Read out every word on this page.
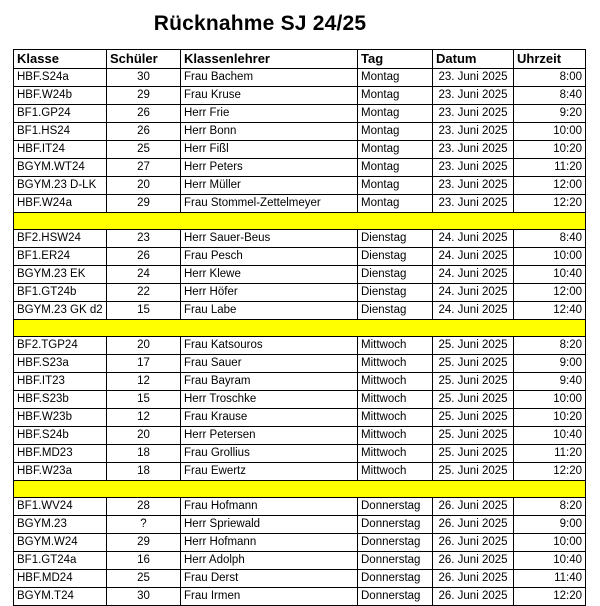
Rücknahme SJ 24/25
Klasse	Schüler	Klassenlehrer	Tag	Datum	Uhrzeit
HBF.S24a	30	Frau Bachem	Montag	23. Juni 2025	8:00
HBF.W24b	29	Frau Kruse	Montag	23. Juni 2025	8:40
BF1.GP24	26	Herr Frie	Montag	23. Juni 2025	9:20
BF1.HS24	26	Herr Bonn	Montag	23. Juni 2025	10:00
HBF.IT24	25	Herr Fißl	Montag	23. Juni 2025	10:20
BGYM.WT24	27	Herr Peters	Montag	23. Juni 2025	11:20
BGYM.23 D-LK	20	Herr Müller	Montag	23. Juni 2025	12:00
HBF.W24a	29	Frau Stommel-Zettelmeyer	Montag	23. Juni 2025	12:20

BF2.HSW24	23	Herr Sauer-Beus	Dienstag	24. Juni 2025	8:40
BF1.ER24	26	Frau Pesch	Dienstag	24. Juni 2025	10:00
BGYM.23 EK	24	Herr Klewe	Dienstag	24. Juni 2025	10:40
BF1.GT24b	22	Herr Höfer	Dienstag	24. Juni 2025	12:00
BGYM.23 GK d2	15	Frau Labe	Dienstag	24. Juni 2025	12:40

BF2.TGP24	20	Frau Katsouros	Mittwoch	25. Juni 2025	8:20
HBF.S23a	17	Frau Sauer	Mittwoch	25. Juni 2025	9:00
HBF.IT23	12	Frau Bayram	Mittwoch	25. Juni 2025	9:40
HBF.S23b	15	Herr Troschke	Mittwoch	25. Juni 2025	10:00
HBF.W23b	12	Frau Krause	Mittwoch	25. Juni 2025	10:20
HBF.S24b	20	Herr Petersen	Mittwoch	25. Juni 2025	10:40
HBF.MD23	18	Frau Grollius	Mittwoch	25. Juni 2025	11:20
HBF.W23a	18	Frau Ewertz	Mittwoch	25. Juni 2025	12:20

BF1.WV24	28	Frau Hofmann	Donnerstag	26. Juni 2025	8:20
BGYM.23	?	Herr Spriewald	Donnerstag	26. Juni 2025	9:00
BGYM.W24	29	Herr Hofmann	Donnerstag	26. Juni 2025	10:00
BF1.GT24a	16	Herr Adolph	Donnerstag	26. Juni 2025	10:40
HBF.MD24	25	Frau Derst	Donnerstag	26. Juni 2025	11:40
BGYM.T24	30	Frau Irmen	Donnerstag	26. Juni 2025	12:20
